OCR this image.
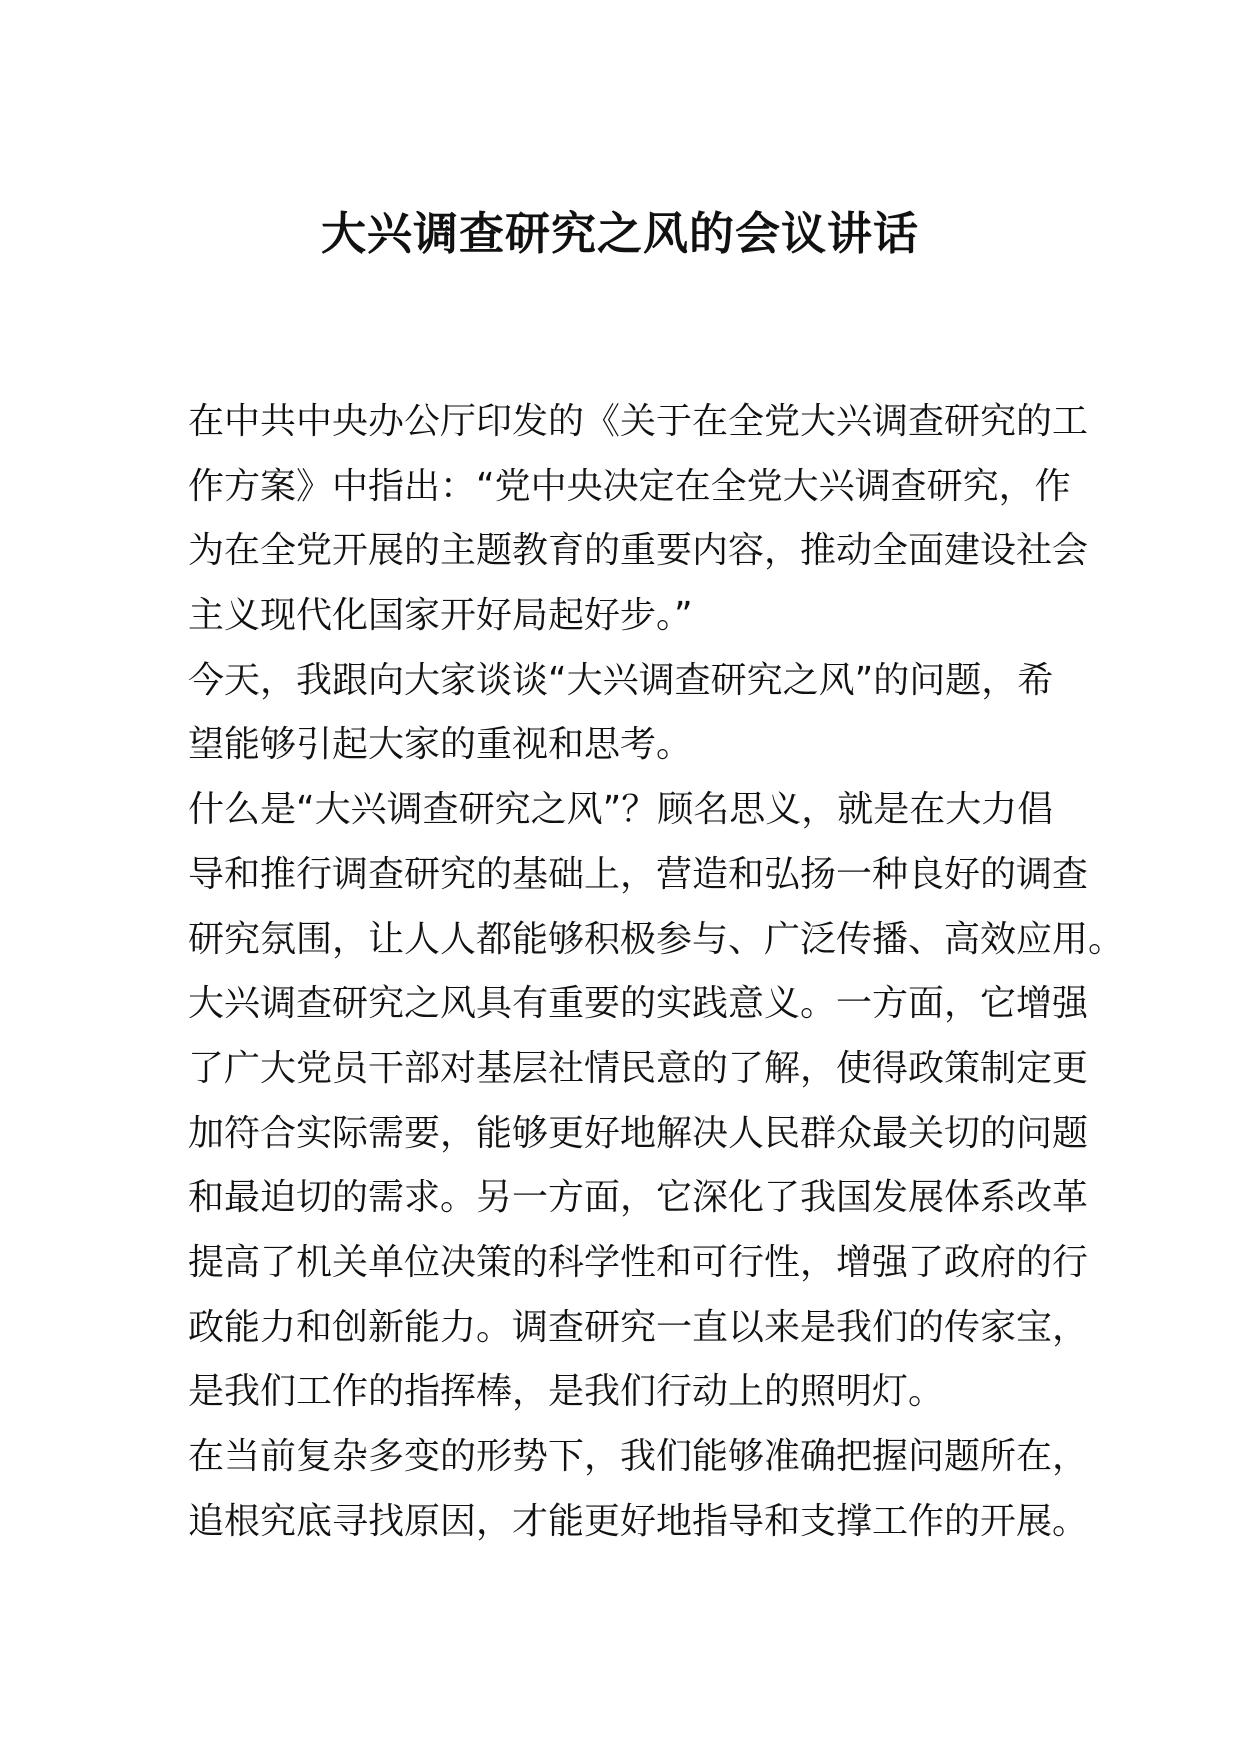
大兴调查研究之风的会议讲话
在中共中央办公厅印发的《关于在全党大兴调查研究的工
作方案》中指出：“党中央决定在全党大兴调查研究，作
为在全党开展的主题教育的重要内容，推动全面建设社会
主义现代化国家开好局起好步。”
今天，我跟向大家谈谈“大兴调查研究之风”的问题，希
望能够引起大家的重视和思考。
什么是“大兴调查研究之风”？顾名思义，就是在大力倡
导和推行调查研究的基础上，营造和弘扬一种良好的调查
研究氛围，让人人都能够积极参与、广泛传播、高效应用。
大兴调查研究之风具有重要的实践意义。一方面，它增强
了广大党员干部对基层社情民意的了解，使得政策制定更
加符合实际需要，能够更好地解决人民群众最关切的问题
和最迫切的需求。另一方面，它深化了我国发展体系改革
提高了机关单位决策的科学性和可行性，增强了政府的行
政能力和创新能力。调查研究一直以来是我们的传家宝，
是我们工作的指挥棒，是我们行动上的照明灯。
在当前复杂多变的形势下，我们能够准确把握问题所在，
追根究底寻找原因，才能更好地指导和支撑工作的开展。
